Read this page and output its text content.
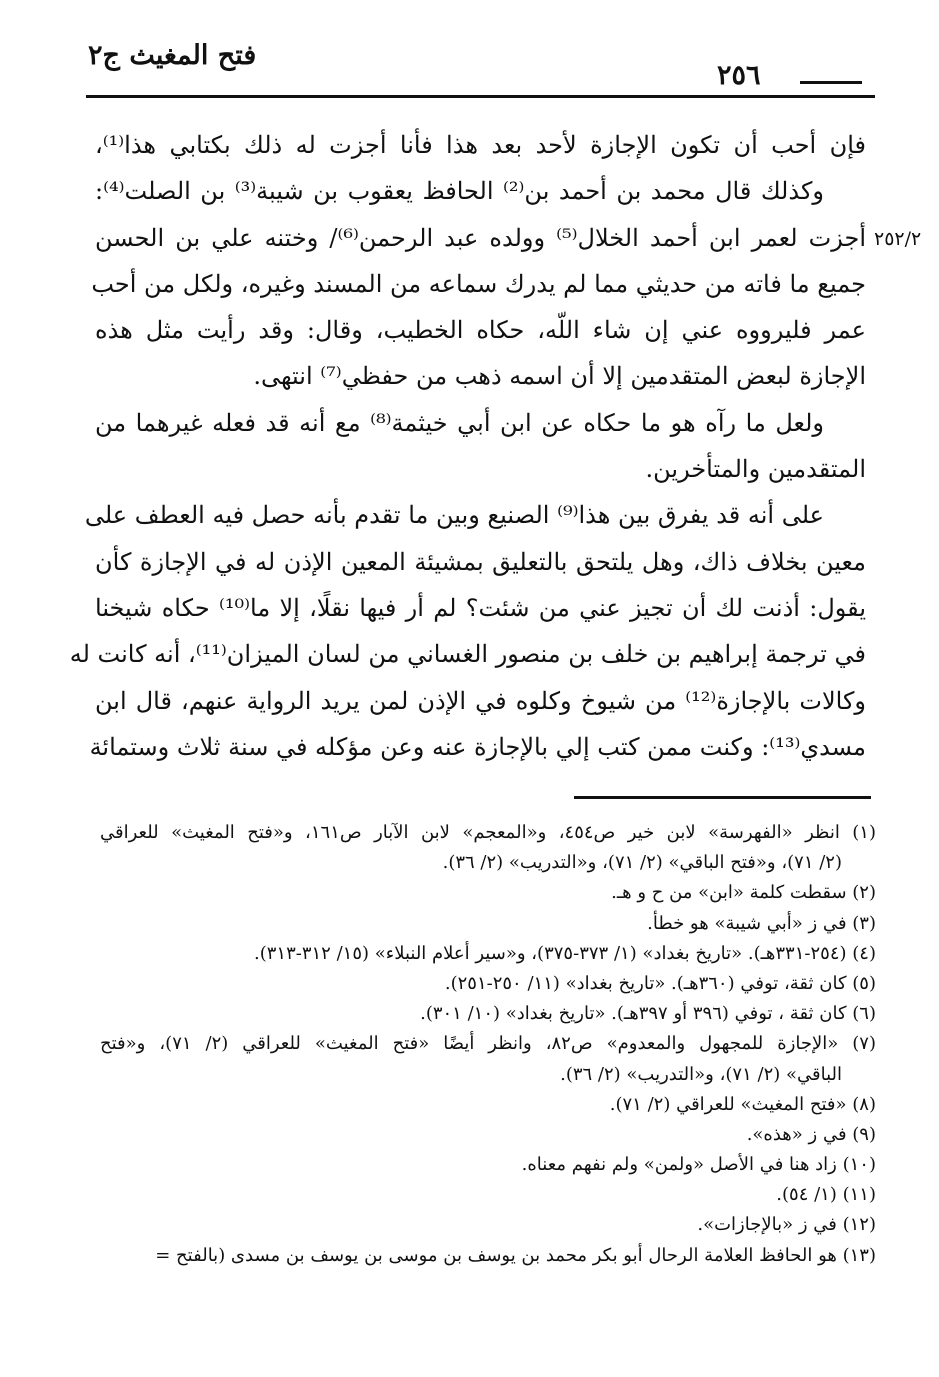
فتح المغيث ج٢
٢٥٦
٢٥٢/٢
فإن أحب أن تكون الإجازة لأحد بعد هذا فأنا أجزت له ذلك بكتابي هذا⁽¹⁾،
وكذلك قال محمد بن أحمد بن⁽²⁾ الحافظ يعقوب بن شيبة⁽³⁾ بن الصلت⁽⁴⁾:
أجزت لعمر ابن أحمد الخلال⁽⁵⁾ وولده عبد الرحمن⁽⁶⁾/ وختنه علي بن الحسن
جميع ما فاته من حديثي مما لم يدرك سماعه من المسند وغيره، ولكل من أحب
عمر فليرووه عني إن شاء اللّه، حكاه الخطيب، وقال: وقد رأيت مثل هذه
الإجازة لبعض المتقدمين إلا أن اسمه ذهب من حفظي⁽⁷⁾ انتهى.
ولعل ما رآه هو ما حكاه عن ابن أبي خيثمة⁽⁸⁾ مع أنه قد فعله غيرهما من
المتقدمين والمتأخرين.
على أنه قد يفرق بين هذا⁽⁹⁾ الصنيع وبين ما تقدم بأنه حصل فيه العطف على
معين بخلاف ذاك، وهل يلتحق بالتعليق بمشيئة المعين الإذن له في الإجازة كأن
يقول: أذنت لك أن تجيز عني من شئت؟ لم أر فيها نقلًا، إلا ما⁽¹⁰⁾ حكاه شيخنا
في ترجمة إبراهيم بن خلف بن منصور الغساني من لسان الميزان⁽¹¹⁾، أنه كانت له
وكالات بالإجازة⁽¹²⁾ من شيوخ وكلوه في الإذن لمن يريد الرواية عنهم، قال ابن
مسدي⁽¹³⁾: وكنت ممن كتب إلي بالإجازة عنه وعن مؤكله في سنة ثلاث وستمائة
(١) انظر «الفهرسة» لابن خير ص٤٥٤، و«المعجم» لابن الآبار ص١٦١، و«فتح المغيث» للعراقي
(٢/ ٧١)، و«فتح الباقي» (٢/ ٧١)، و«التدريب» (٢/ ٣٦).
(٢) سقطت كلمة «ابن» من ح و هـ.
(٣) في ز «أبي شيبة» هو خطأ.
(٤) (٢٥٤-٣٣١هـ). «تاريخ بغداد» (١/ ٣٧٣-٣٧٥)، و«سير أعلام النبلاء» (١٥/ ٣١٢-٣١٣).
(٥) كان ثقة، توفي (٣٦٠هـ). «تاريخ بغداد» (١١/ ٢٥٠-٢٥١).
(٦) كان ثقة ، توفي (٣٩٦ أو ٣٩٧هـ). «تاريخ بغداد» (١٠/ ٣٠١).
(٧) «الإجازة للمجهول والمعدوم» ص٨٢، وانظر أيضًا «فتح المغيث» للعراقي (٢/ ٧١)، و«فتح
الباقي» (٢/ ٧١)، و«التدريب» (٢/ ٣٦).
(٨) «فتح المغيث» للعراقي (٢/ ٧١).
(٩) في ز «هذه».
(١٠) زاد هنا في الأصل «ولمن» ولم نفهم معناه.
(١١) (١/ ٥٤).
(١٢) في ز «بالإجازات».
(١٣) هو الحافظ العلامة الرحال أبو بكر محمد بن يوسف بن موسى بن يوسف بن مسدى (بالفتح =
